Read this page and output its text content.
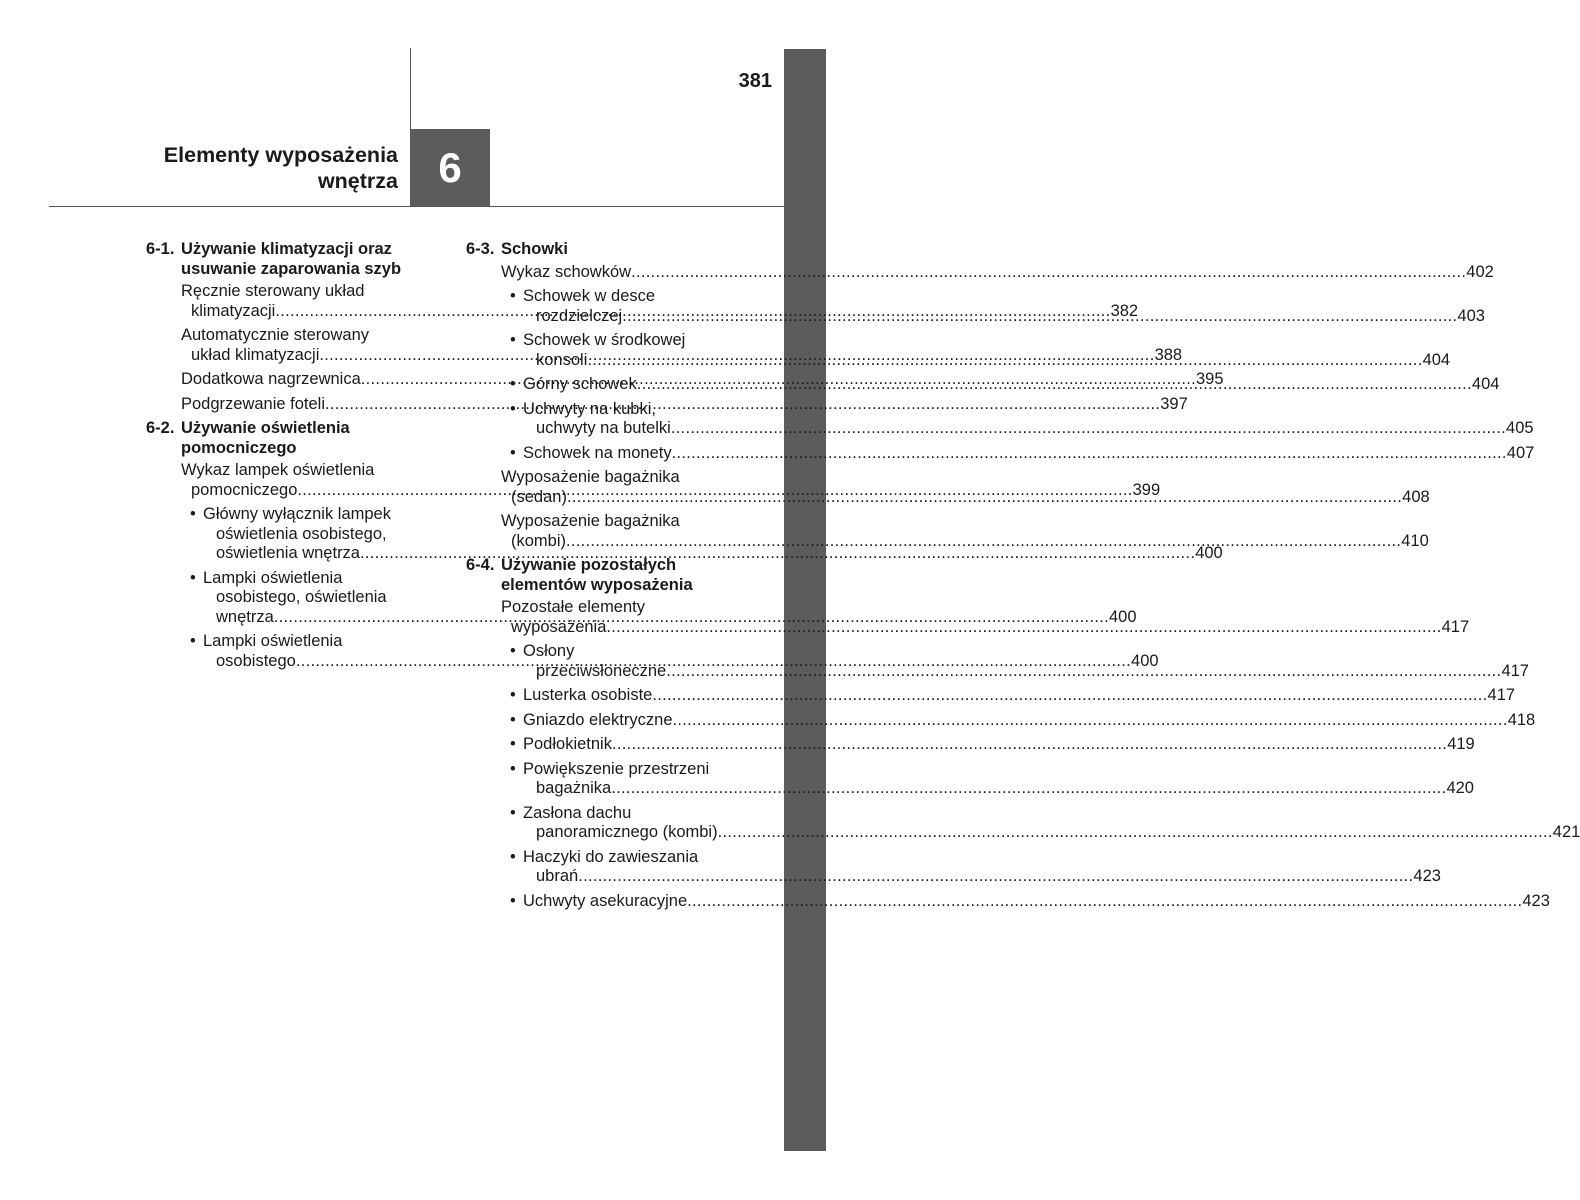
381
Elementy wyposażenia
wnętrza 6
6-1. Używanie klimatyzacji oraz
usuwanie zaparowania szyb
Ręcznie sterowany układ
klimatyzacji .....	382
Automatycznie sterowany
układ klimatyzacji .....	388
Dodatkowa nagrzewnica .....	395
Podgrzewanie foteli .....	397
6-2. Używanie oświetlenia
pomocniczego
Wykaz lampek oświetlenia
pomocniczego .....	399
• Główny wyłącznik lampek
oświetlenia osobistego,
oświetlenia wnętrza .....	400
• Lampki oświetlenia
osobistego, oświetlenia
wnętrza .....	400
• Lampki oświetlenia
osobistego .....	400
6-3. Schowki
Wykaz schowków .....	402
• Schowek w desce
rozdzielczej .....	403
• Schowek w środkowej
konsoli .....	404
• Górny schowek .....	404
• Uchwyty na kubki,
uchwyty na butelki .....	405
• Schowek na monety .....	407
Wyposażenie bagażnika
(sedan) .....	408
Wyposażenie bagażnika
(kombi) .....	410
6-4. Używanie pozostałych
elementów wyposażenia
Pozostałe elementy
wyposażenia .....	417
• Osłony
przeciwsłoneczne .....	417
• Lusterka osobiste .....	417
• Gniazdo elektryczne .....	418
• Podłokietnik .....	419
• Powiększenie przestrzeni
bagażnika .....	420
• Zasłona dachu
panoramicznego (kombi) .....	421
• Haczyki do zawieszania
ubrań .....	423
• Uchwyty asekuracyjne .....	423
